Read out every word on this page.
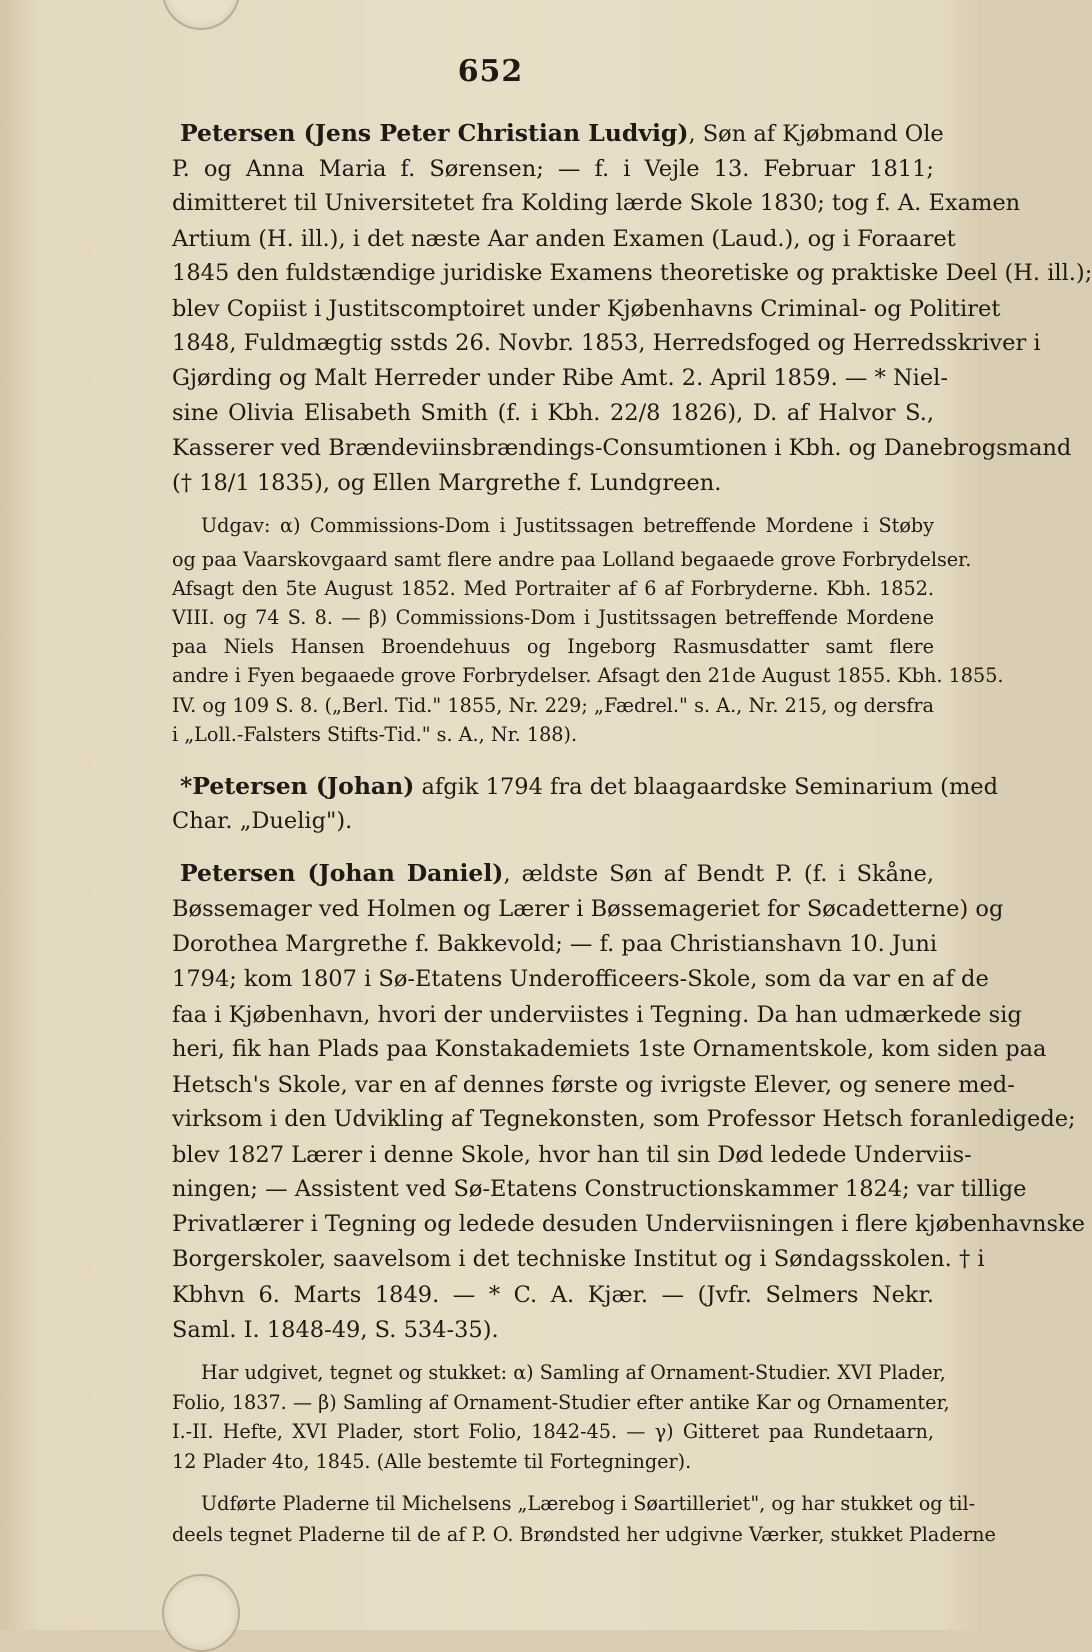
652
Petersen (Jens Peter Christian Ludvig), Søn af Kjøbmand Ole
P. og Anna Maria f. Sørensen; — f. i Vejle 13. Februar 1811;
dimitteret til Universitetet fra Kolding lærde Skole 1830; tog f. A. Examen
Artium (H. ill.), i det næste Aar anden Examen (Laud.), og i Foraaret
1845 den fuldstændige juridiske Examens theoretiske og praktiske Deel (H. ill.);
blev Copiist i Justitscomptoiret under Kjøbenhavns Criminal- og Politiret
1848, Fuldmægtig sstds 26. Novbr. 1853, Herredsfoged og Herredsskriver i
Gjørding og Malt Herreder under Ribe Amt. 2. April 1859. — * Niel-
sine Olivia Elisabeth Smith (f. i Kbh. 22/8 1826), D. af Halvor S.,
Kasserer ved Brændeviinsbrændings-Consumtionen i Kbh. og Danebrogsmand
(† 18/1 1835), og Ellen Margrethe f. Lundgreen.
Udgav: α) Commissions-Dom i Justitssagen betreffende Mordene i Støby
og paa Vaarskovgaard samt flere andre paa Lolland begaaede grove Forbrydelser.
Afsagt den 5te August 1852. Med Portraiter af 6 af Forbryderne. Kbh. 1852.
VIII. og 74 S. 8. — β) Commissions-Dom i Justitssagen betreffende Mordene
paa Niels Hansen Broendehuus og Ingeborg Rasmusdatter samt flere
andre i Fyen begaaede grove Forbrydelser. Afsagt den 21de August 1855. Kbh. 1855.
IV. og 109 S. 8. („Berl. Tid." 1855, Nr. 229; „Fædrel." s. A., Nr. 215, og dersfra
i „Loll.-Falsters Stifts-Tid." s. A., Nr. 188).
*Petersen (Johan) afgik 1794 fra det blaagaardske Seminarium (med
Char. „Duelig").
Petersen (Johan Daniel), ældste Søn af Bendt P. (f. i Skåne,
Bøssemager ved Holmen og Lærer i Bøssemageriet for Søcadetterne) og
Dorothea Margrethe f. Bakkevold; — f. paa Christianshavn 10. Juni
1794; kom 1807 i Sø-Etatens Underofficeers-Skole, som da var en af de
faa i Kjøbenhavn, hvori der underviistes i Tegning. Da han udmærkede sig
heri, fik han Plads paa Konstakademiets 1ste Ornamentskole, kom siden paa
Hetsch's Skole, var en af dennes første og ivrigste Elever, og senere med-
virksom i den Udvikling af Tegnekonsten, som Professor Hetsch foranledigede;
blev 1827 Lærer i denne Skole, hvor han til sin Død ledede Underviis-
ningen; — Assistent ved Sø-Etatens Constructionskammer 1824; var tillige
Privatlærer i Tegning og ledede desuden Underviisningen i flere kjøbenhavnske
Borgerskoler, saavelsom i det techniske Institut og i Søndagsskolen. † i
Kbhvn 6. Marts 1849. — * C. A. Kjær. — (Jvfr. Selmers Nekr.
Saml. I. 1848-49, S. 534-35).
Har udgivet, tegnet og stukket: α) Samling af Ornament-Studier. XVI Plader,
Folio, 1837. — β) Samling af Ornament-Studier efter antike Kar og Ornamenter,
I.-II. Hefte, XVI Plader, stort Folio, 1842-45. — γ) Gitteret paa Rundetaarn,
12 Plader 4to, 1845. (Alle bestemte til Fortegninger).
Udførte Pladerne til Michelsens „Lærebog i Søartilleriet", og har stukket og til-
deels tegnet Pladerne til de af P. O. Brøndsted her udgivne Værker, stukket Pladerne
